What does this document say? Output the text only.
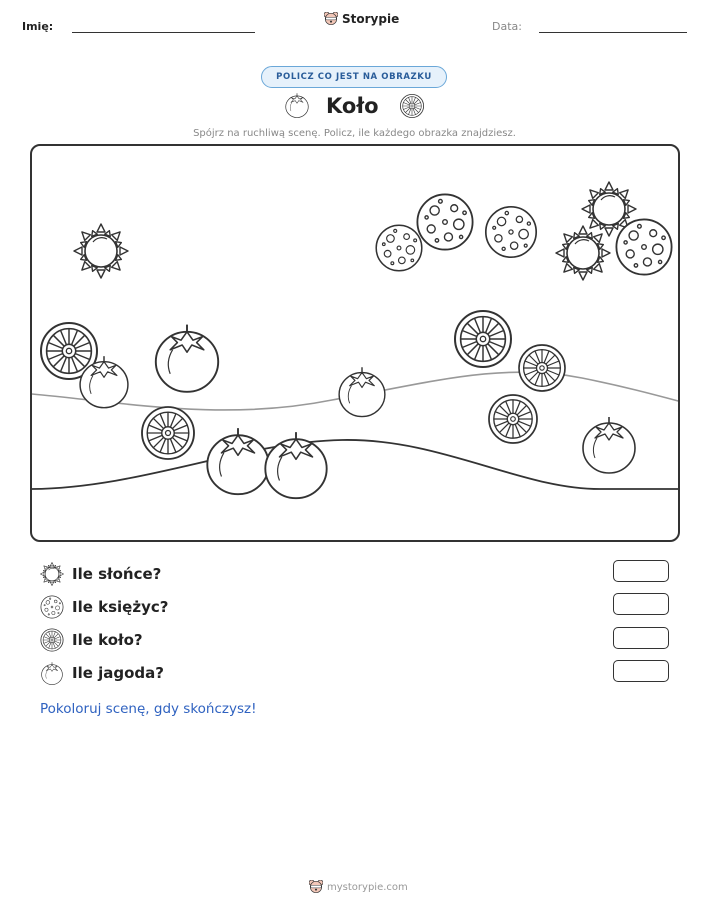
Imię:
Storypie
Data:
POLICZ CO JEST NA OBRAZKU
Koło
Spójrz na ruchliwą scenę. Policz, ile każdego obrazka znajdziesz.
Ile słońce?
Ile księżyc?
Ile koło?
Ile jagoda?
Pokoloruj scenę, gdy skończysz!
mystorypie.com
